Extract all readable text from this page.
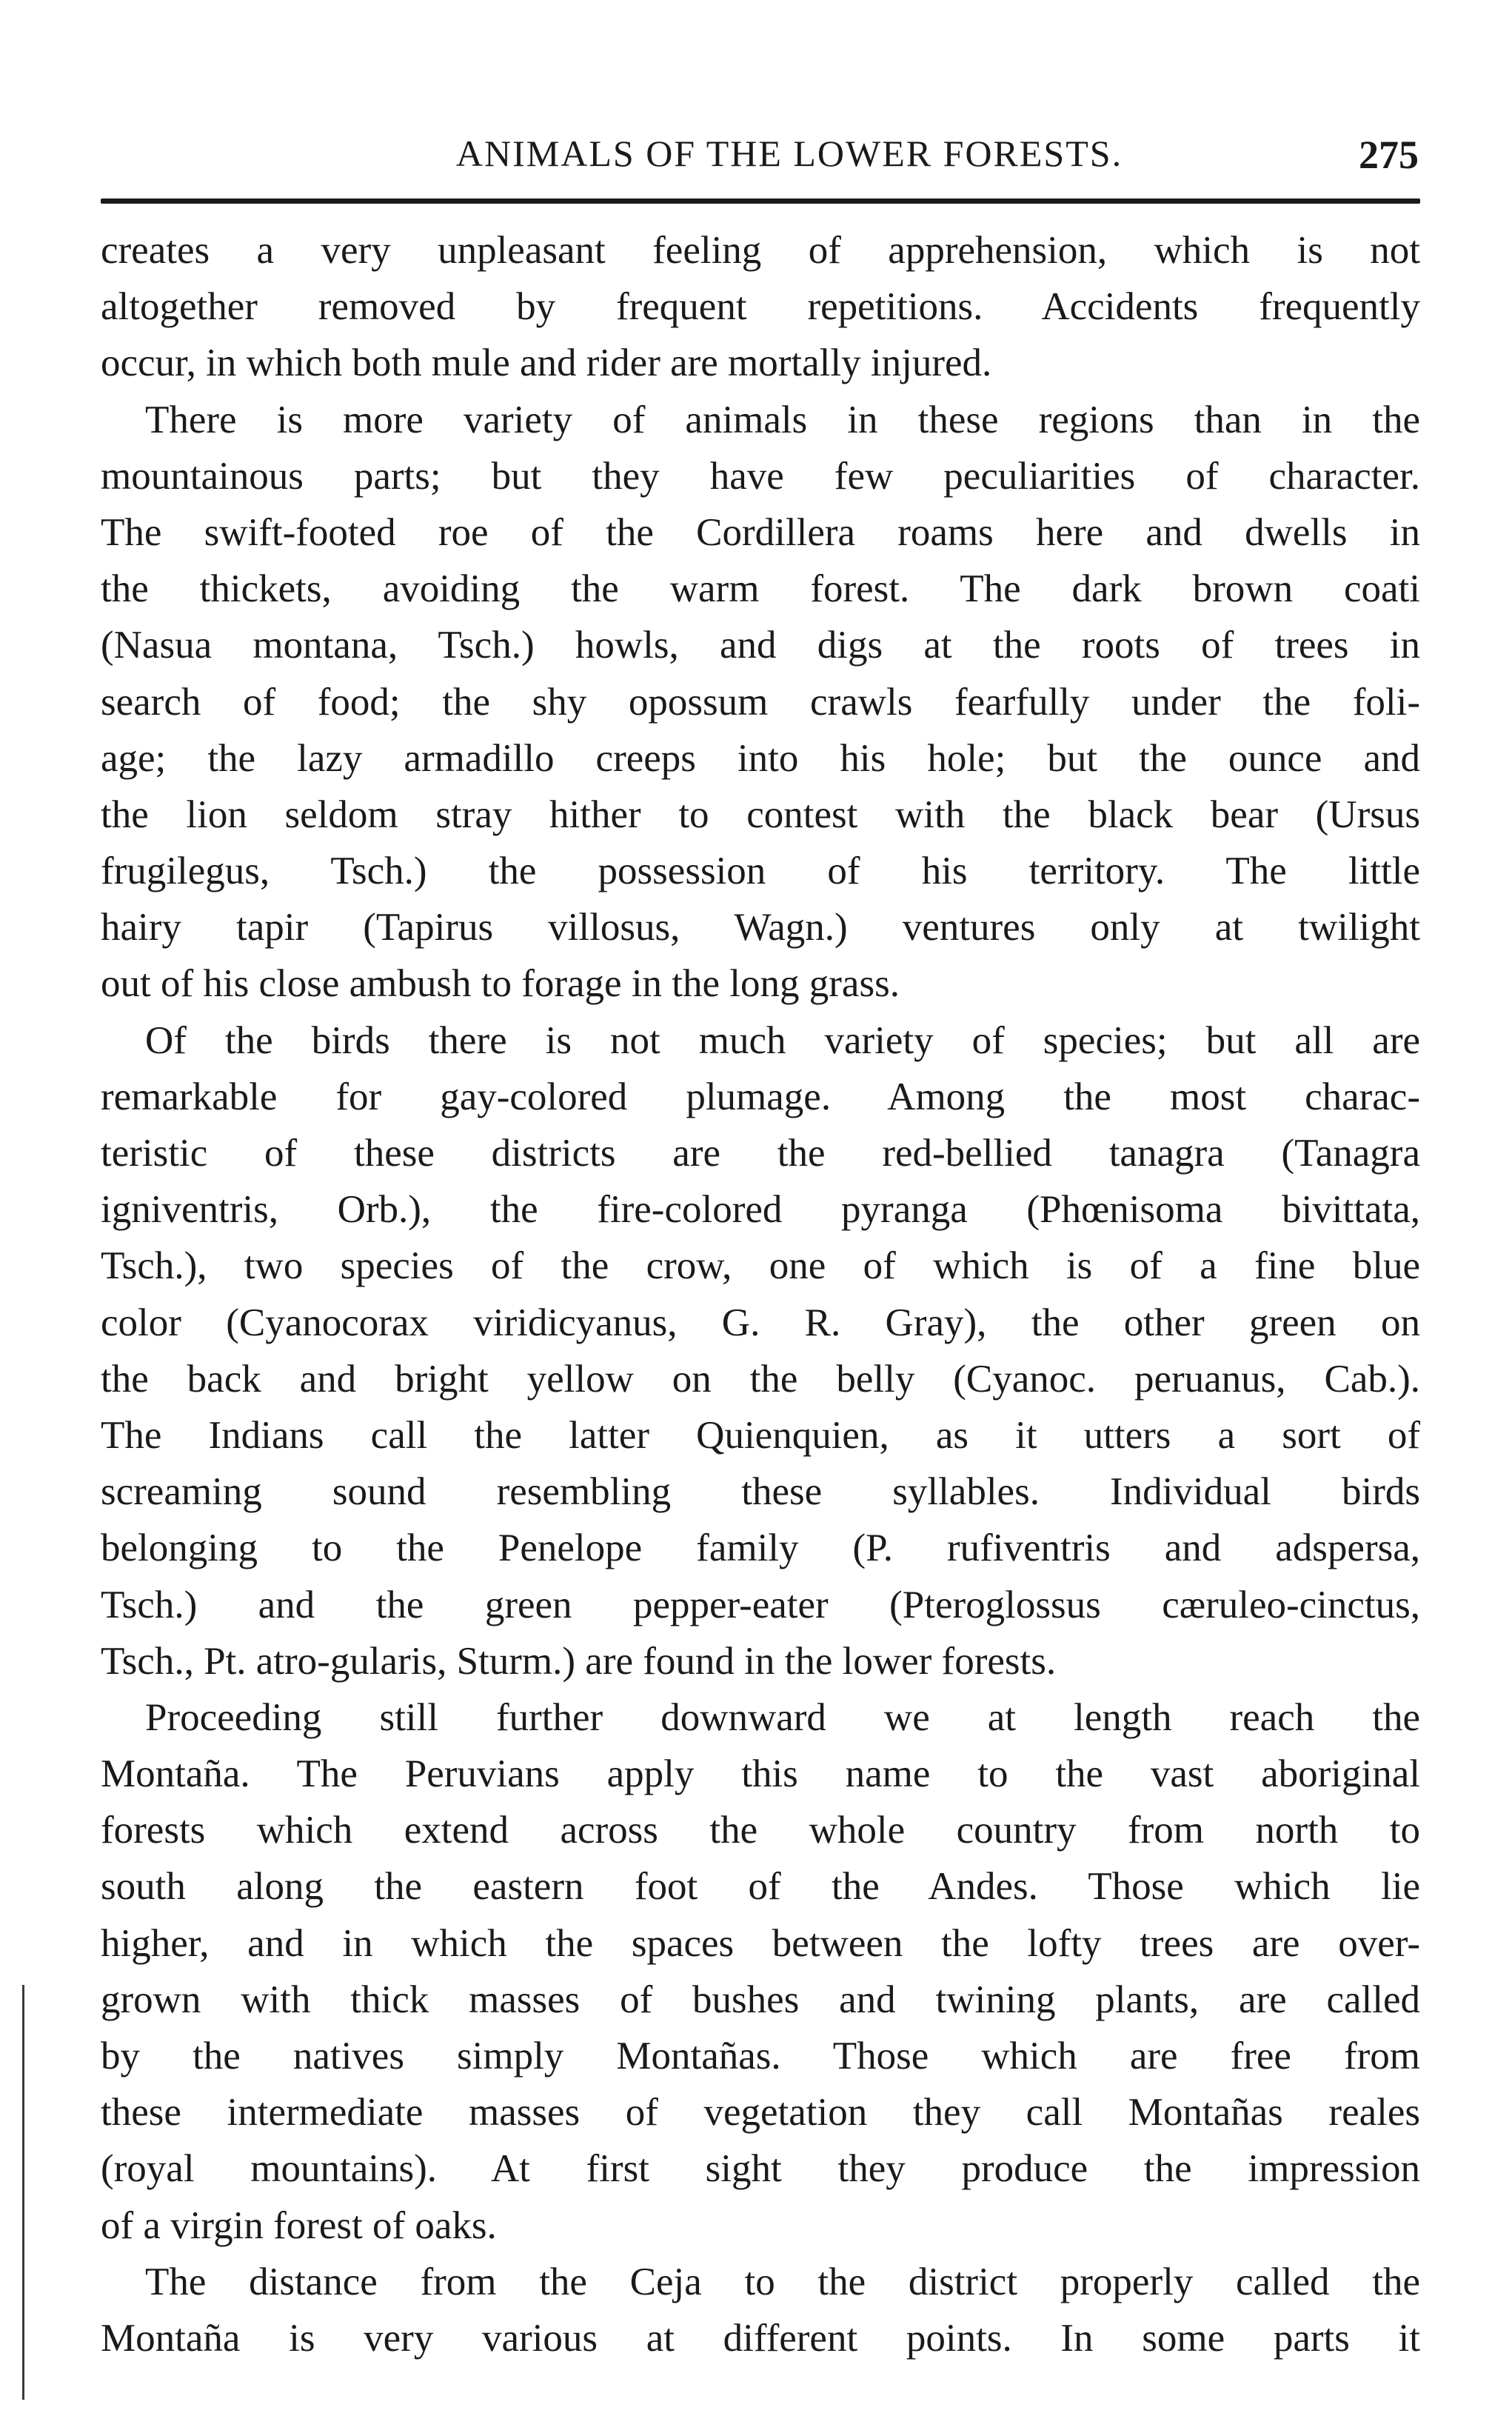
ANIMALS OF THE LOWER FORESTS.	275
creates a very unpleasant feeling of apprehension, which is not
altogether removed by frequent repetitions. Accidents frequently
occur, in which both mule and rider are mortally injured.
There is more variety of animals in these regions than in the
mountainous parts; but they have few peculiarities of character.
The swift-footed roe of the Cordillera roams here and dwells in
the thickets, avoiding the warm forest. The dark brown coati
(Nasua montana, Tsch.) howls, and digs at the roots of trees in
search of food; the shy opossum crawls fearfully under the foli-
age; the lazy armadillo creeps into his hole; but the ounce and
the lion seldom stray hither to contest with the black bear (Ursus
frugilegus, Tsch.) the possession of his territory. The little
hairy tapir (Tapirus villosus, Wagn.) ventures only at twilight
out of his close ambush to forage in the long grass.
Of the birds there is not much variety of species; but all are
remarkable for gay-colored plumage. Among the most charac-
teristic of these districts are the red-bellied tanagra (Tanagra
igniventris, Orb.), the fire-colored pyranga (Phœnisoma bivittata,
Tsch.), two species of the crow, one of which is of a fine blue
color (Cyanocorax viridicyanus, G. R. Gray), the other green on
the back and bright yellow on the belly (Cyanoc. peruanus, Cab.).
The Indians call the latter Quienquien, as it utters a sort of
screaming sound resembling these syllables. Individual birds
belonging to the Penelope family (P. rufiventris and adspersa,
Tsch.) and the green pepper-eater (Pteroglossus cæruleo-cinctus,
Tsch., Pt. atro-gularis, Sturm.) are found in the lower forests.
Proceeding still further downward we at length reach the
Montaña. The Peruvians apply this name to the vast aboriginal
forests which extend across the whole country from north to
south along the eastern foot of the Andes. Those which lie
higher, and in which the spaces between the lofty trees are over-
grown with thick masses of bushes and twining plants, are called
by the natives simply Montañas. Those which are free from
these intermediate masses of vegetation they call Montañas reales
(royal mountains). At first sight they produce the impression
of a virgin forest of oaks.
The distance from the Ceja to the district properly called the
Montaña is very various at different points. In some parts it
